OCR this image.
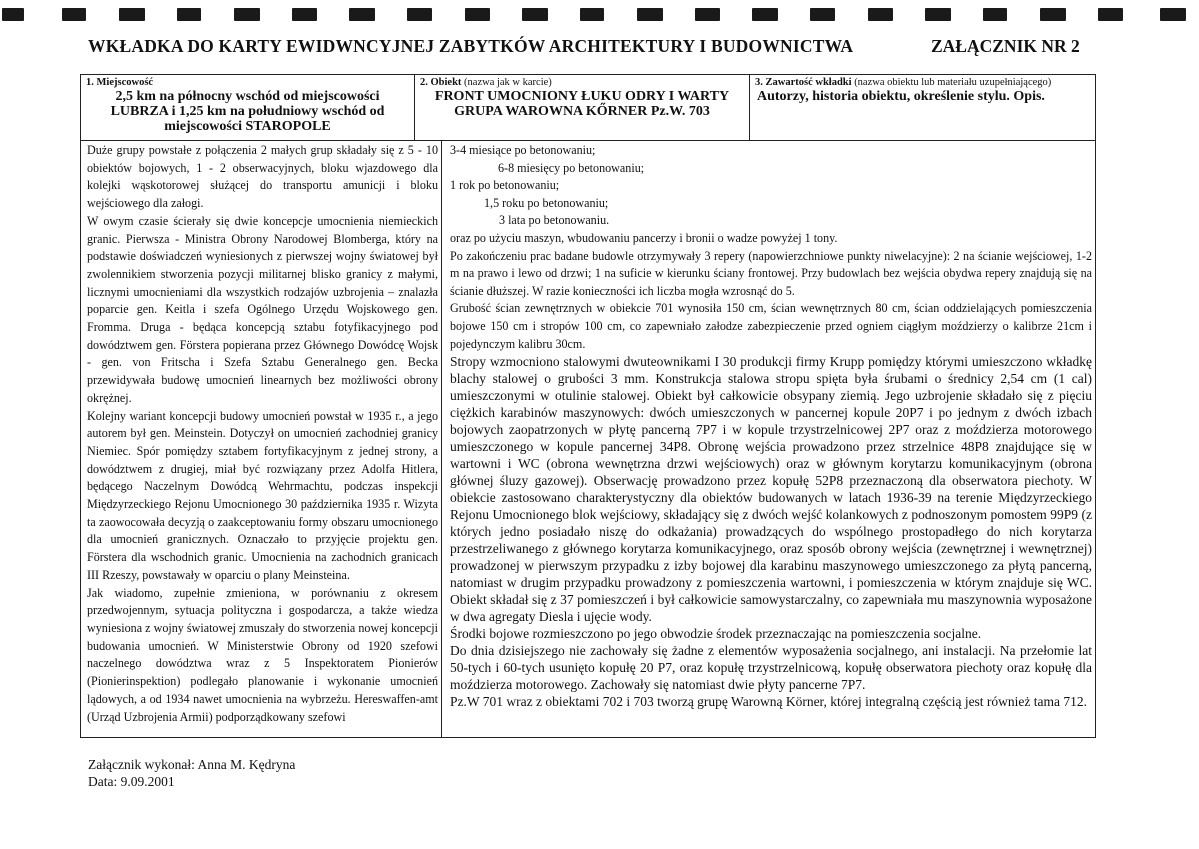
WKŁADKA DO KARTY EWIDWNCYJNEJ ZABYTKÓW ARCHITEKTURY I BUDOWNICTWA	ZAŁĄCZNIK NR 2
1. Miejscowość
2,5 km na północny wschód od miejscowości LUBRZA i 1,25 km na południowy wschód od miejscowości STAROPOLE
2. Obiekt (nazwa jak w karcie)
FRONT UMOCNIONY ŁUKU ODRY I WARTY GRUPA WAROWNA KŐRNER Pz.W. 703
3. Zawartość wkładki (nazwa obiektu lub materiału uzupełniającego)
Autorzy, historia obiektu, określenie stylu. Opis.

Duże grupy powstałe z połączenia 2 małych grup składały się z 5 - 10 obiektów bojowych, 1 - 2 obserwacyjnych, bloku wjazdowego dla kolejki wąskotorowej służącej do transportu amunicji i bloku wejściowego dla załogi.

W owym czasie ścierały się dwie koncepcje umocnienia niemieckich granic. Pierwsza - Ministra Obrony Narodowej Blomberga, który na podstawie doświadczeń wyniesionych z pierwszej wojny światowej był zwolennikiem stworzenia pozycji militarnej blisko granicy z małymi, licznymi umocnieniami dla wszystkich rodzajów uzbrojenia – znalazła poparcie gen. Keitla i szefa Ogólnego Urzędu Wojskowego gen. Fromma. Druga - będąca koncepcją sztabu fotyfikacyjnego pod dowództwem gen. Förstera popierana przez Głównego Dowódcę Wojsk - gen. von Fritscha i Szefa Sztabu Generalnego gen. Becka przewidywała budowę umocnień linearnych bez możliwości obrony okrężnej.

Kolejny wariant koncepcji budowy umocnień powstał w 1935 r., a jego autorem był gen. Meinstein. Dotyczył on umocnień zachodniej granicy Niemiec. Spór pomiędzy sztabem fortyfikacyjnym z jednej strony, a dowództwem z drugiej, miał być rozwiązany przez Adolfa Hitlera, będącego Naczelnym Dowódcą Wehrmachtu, podczas inspekcji Międzyrzeckiego Rejonu Umocnionego 30 października 1935 r. Wizyta ta zaowocowała decyzją o zaakceptowaniu formy obszaru umocnionego dla umocnień granicznych. Oznaczało to przyjęcie projektu gen. Förstera dla wschodnich granic. Umocnienia na zachodnich granicach III Rzeszy, powstawały w oparciu o plany Meinsteina.

Jak wiadomo, zupełnie zmieniona, w porównaniu z okresem przedwojennym, sytuacja polityczna i gospodarcza, a także wiedza wyniesiona z wojny światowej zmuszały do stworzenia nowej koncepcji budowania umocnień. W Ministerstwie Obrony od 1920 szefowi naczelnego dowództwa wraz z 5 Inspektoratem Pionierów (Pionierinspektion) podlegało planowanie i wykonanie umocnień lądowych, a od 1934 nawet umocnienia na wybrzeżu. Hereswaffen-amt (Urząd Uzbrojenia Armii) podporządkowany szefowi

3-4 miesiące po betonowaniu;

6-8 miesięcy po betonowaniu;

1 rok po betonowaniu;

1,5 roku po betonowaniu;

3 lata po betonowaniu.

oraz po użyciu maszyn, wbudowaniu pancerzy i bronii o wadze powyżej 1 tony.

Po zakończeniu prac badane budowle otrzymywały 3 repery (napowierzchniowe punkty niwelacyjne): 2 na ścianie wejściowej, 1-2 m na prawo i lewo od drzwi; 1 na suficie w kierunku ściany frontowej. Przy budowlach bez wejścia obydwa repery znajdują się na ścianie dłuższej. W razie konieczności ich liczba mogła wzrosnąć do 5.

Grubość ścian zewnętrznych w obiekcie 701 wynosiła 150 cm, ścian wewnętrznych 80 cm, ścian oddzielających pomieszczenia bojowe 150 cm i stropów 100 cm, co zapewniało załodze zabezpieczenie przed ogniem ciągłym moździerzy o kalibrze 21cm i pojedynczym kalibru 30cm.

Stropy wzmocniono stalowymi dwuteownikami I 30 produkcji firmy Krupp pomiędzy którymi umieszczono wkładkę blachy stalowej o grubości 3 mm. Konstrukcja stalowa stropu spięta była śrubami o średnicy 2,54 cm (1 cal) umieszczonymi w otulinie stalowej. Obiekt był całkowicie obsypany ziemią. Jego uzbrojenie składało się z pięciu ciężkich karabinów maszynowych: dwóch umieszczonych w pancernej kopule 20P7 i po jednym z dwóch izbach bojowych zaopatrzonych w płytę pancerną 7P7 i w kopule trzystrzelnicowej 2P7 oraz z moździerza motorowego umieszczonego w kopule pancernej 34P8. Obronę wejścia prowadzono przez strzelnice 48P8 znajdujące się w wartowni i WC (obrona wewnętrzna drzwi wejściowych) oraz w głównym korytarzu komunikacyjnym (obrona głównej śluzy gazowej). Obserwację prowadzono przez kopułę 52P8 przeznaczoną dla obserwatora piechoty. W obiekcie zastosowano charakterystyczny dla obiektów budowanych w latach 1936-39 na terenie Międzyrzeckiego Rejonu Umocnionego blok wejściowy, składający się z dwóch wejść kolankowych z podnoszonym pomostem 99P9 (z których jedno posiadało niszę do odkażania) prowadzących do wspólnego prostopadłego do nich korytarza przestrzeliwanego z głównego korytarza komunikacyjnego, oraz sposób obrony wejścia (zewnętrznej i wewnętrznej) prowadzonej w pierwszym przypadku z izby bojowej dla karabinu maszynowego umieszczonego za płytą pancerną, natomiast w drugim przypadku prowadzony z pomieszczenia wartowni, i pomieszczenia w którym znajduje się WC. Obiekt składał się z 37 pomieszczeń i był całkowicie samowystarczalny, co zapewniała mu maszynownia wyposażone w dwa agregaty Diesla i ujęcie wody.

Środki bojowe rozmieszczono po jego obwodzie środek przeznaczając na pomieszczenia socjalne.

Do dnia dzisiejszego nie zachowały się żadne z elementów wyposażenia socjalnego, ani instalacji. Na przełomie lat 50-tych i 60-tych usunięto kopułę 20 P7, oraz kopułę trzystrzelnicową, kopułę obserwatora piechoty oraz kopułę dla moździerza motorowego. Zachowały się natomiast dwie płyty pancerne 7P7.

Pz.W 701 wraz z obiektami 702 i 703 tworzą grupę Warowną Körner, której integralną częścią jest również tama 712.

Załącznik wykonał: Anna M. Kędryna
Data: 9.09.2001
